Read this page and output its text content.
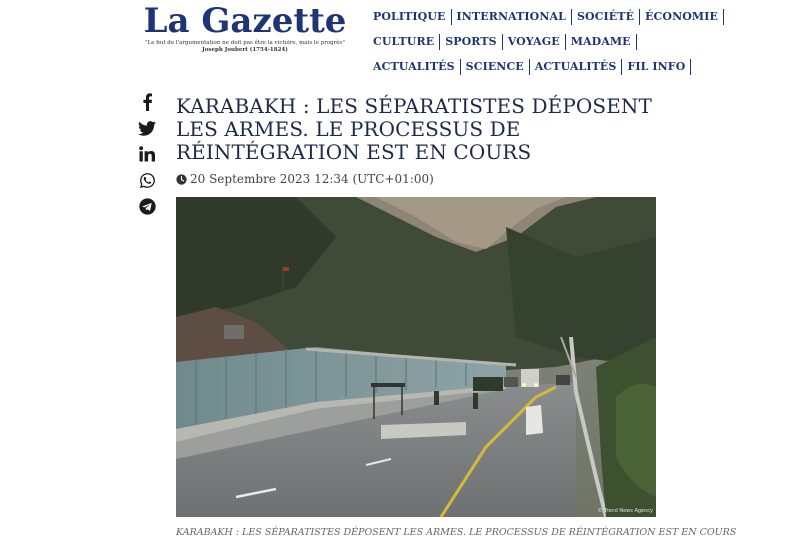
La Gazette
"Le but de l'argumentation ne doit pas être la victoire, mais le progrès"
Joseph Joubert (1754-1824)
POLITIQUE	INTERNATIONAL	SOCIÉTÉ	ÉCONOMIE
CULTURE	SPORTS	VOYAGE	MADAME
ACTUALITÉS	SCIENCE	ACTUALITÉS	FIL INFO
KARABAKH : LES SÉPARATISTES DÉPOSENT LES ARMES. LE PROCESSUS DE RÉINTÉGRATION EST EN COURS
20 Septembre 2023 12:34 (UTC+01:00)
© Trend News Agency
KARABAKH : LES SÉPARATISTES DÉPOSENT LES ARMES. LE PROCESSUS DE RÉINTÉGRATION EST EN COURS
